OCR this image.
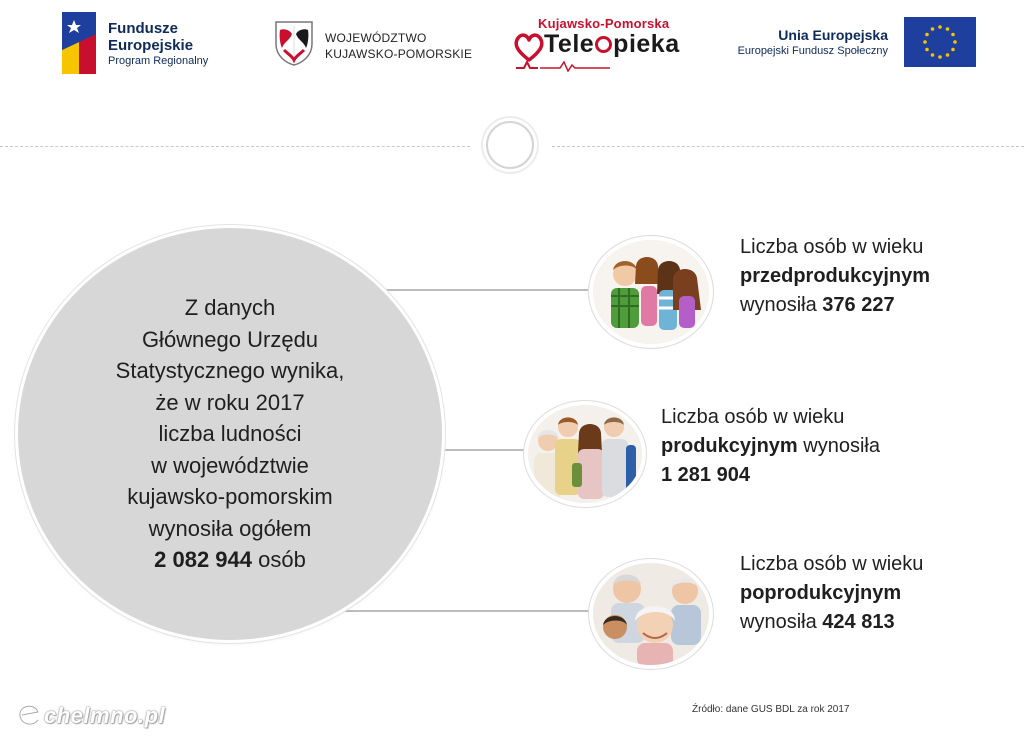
Fundusze
Europejskie
Program Regionalny
WOJEWÓDZTWO
KUJAWSKO-POMORSKIE
Kujawsko-Pomorska
Tele pieka	Unia Europejska
Europejski Fundusz Społeczny
Z danych
Głównego Urzędu
Statystycznego wynika,
że w roku 2017
liczba ludności
w województwie
kujawsko-pomorskim
wynosiła ogółem
2 082 944 osób
Liczba osób w wieku
przedprodukcyjnym
wynosiła 376 227
Liczba osób w wieku
produkcyjnym wynosiła
1 281 904
Liczba osób w wieku
poprodukcyjnym
wynosiła 424 813
Źródło: dane GUS BDL za rok 2017
chelmno.pl
